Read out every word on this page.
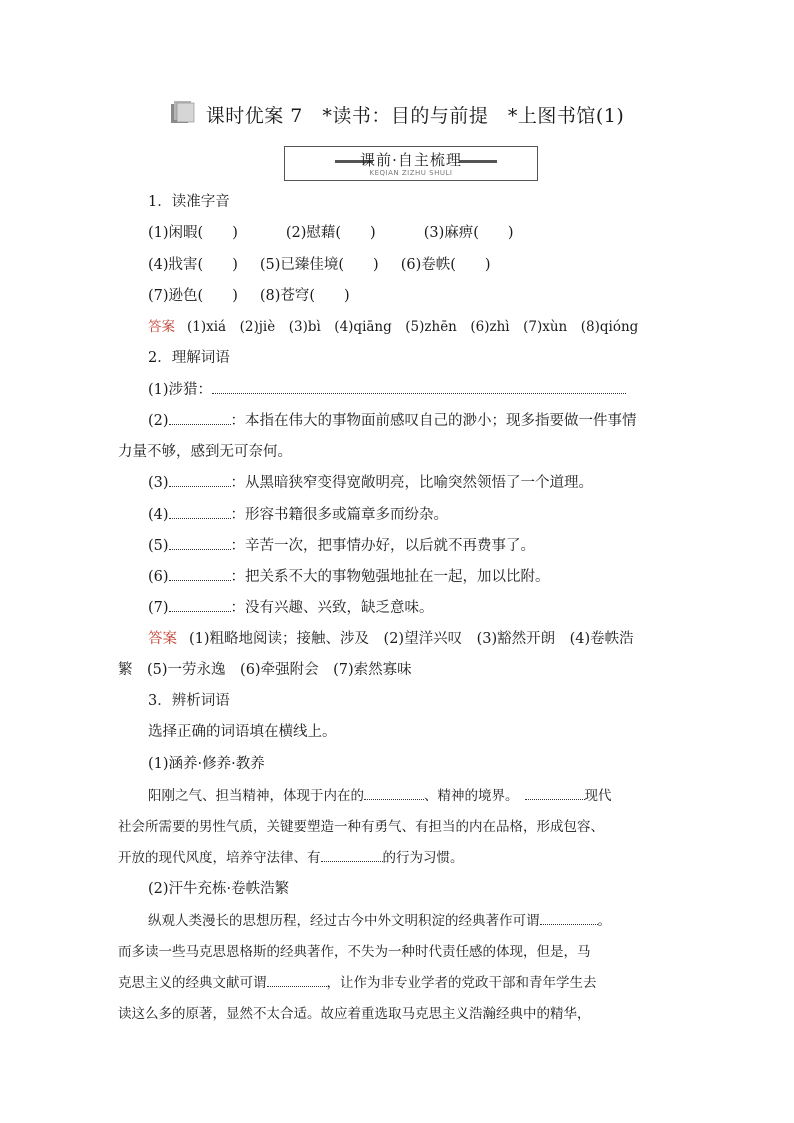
课时优案 7　*读书：目的与前提　*上图书馆(1)
课前·自主梳理
KEQIAN ZIZHU SHULI
1．读准字音
(1)闲暇(　　)	(2)慰藉(　　)	(3)麻痹(　　)
(4)戕害(　　) (5)已臻佳境(　　) (6)卷帙(　　)
(7)逊色(　　) (8)苍穹(　　)
答案 (1)xiá　(2)jiè　(3)bì　(4)qiāng　(5)zhēn　(6)zhì　(7)xùn　(8)qióng
2．理解词语
(1)涉猎：
(2)	：本指在伟大的事物面前感叹自己的渺小；现多指要做一件事情
力量不够，感到无可奈何。
(3)	：从黑暗狭窄变得宽敞明亮，比喻突然领悟了一个道理。
(4)	：形容书籍很多或篇章多而纷杂。
(5)	：辛苦一次，把事情办好，以后就不再费事了。
(6)	：把关系不大的事物勉强地扯在一起，加以比附。
(7)	：没有兴趣、兴致，缺乏意味。
答案 (1)粗略地阅读；接触、涉及　(2)望洋兴叹　(3)豁然开朗　(4)卷帙浩
繁　(5)一劳永逸　(6)牵强附会　(7)索然寡味
3．辨析词语
选择正确的词语填在横线上。
(1)涵养·修养·教养
阳刚之气、担当精神，体现于内在的	、精神的境界。	现代
社会所需要的男性气质，关键要塑造一种有勇气、有担当的内在品格，形成包容、
开放的现代风度，培养守法律、有	的行为习惯。
(2)汗牛充栋·卷帙浩繁
纵观人类漫长的思想历程，经过古今中外文明积淀的经典著作可谓	。
而多读一些马克思恩格斯的经典著作，不失为一种时代责任感的体现，但是，马
克思主义的经典文献可谓	，让作为非专业学者的党政干部和青年学生去
读这么多的原著，显然不太合适。故应着重选取马克思主义浩瀚经典中的精华，
